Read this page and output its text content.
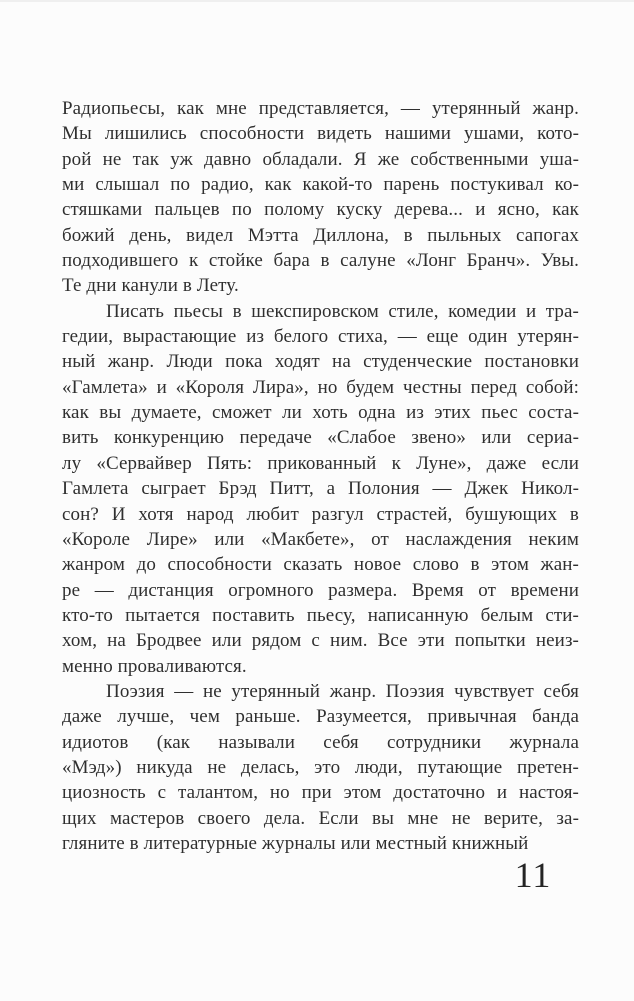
Радиопьесы, как мне представляется, — утерянный жанр.
Мы лишились способности видеть нашими ушами, кото-
рой не так уж давно обладали. Я же собственными уша-
ми слышал по радио, как какой-то парень постукивал ко-
стяшками пальцев по полому куску дерева... и ясно, как
божий день, видел Мэтта Диллона, в пыльных сапогах
подходившего к стойке бара в салуне «Лонг Бранч». Увы.
Те дни канули в Лету.
Писать пьесы в шекспировском стиле, комедии и тра-
гедии, вырастающие из белого стиха, — еще один утерян-
ный жанр. Люди пока ходят на студенческие постановки
«Гамлета» и «Короля Лира», но будем честны перед собой:
как вы думаете, сможет ли хоть одна из этих пьес соста-
вить конкуренцию передаче «Слабое звено» или сериа-
лу «Сервайвер Пять: прикованный к Луне», даже если
Гамлета сыграет Брэд Питт, а Полония — Джек Никол-
сон? И хотя народ любит разгул страстей, бушующих в
«Короле Лире» или «Макбете», от наслаждения неким
жанром до способности сказать новое слово в этом жан-
ре — дистанция огромного размера. Время от времени
кто-то пытается поставить пьесу, написанную белым сти-
хом, на Бродвее или рядом с ним. Все эти попытки неиз-
менно проваливаются.
Поэзия — не утерянный жанр. Поэзия чувствует себя
даже лучше, чем раньше. Разумеется, привычная банда
идиотов (как называли себя сотрудники журнала
«Мэд») никуда не делась, это люди, путающие претен-
циозность с талантом, но при этом достаточно и настоя-
щих мастеров своего дела. Если вы мне не верите, за-
гляните в литературные журналы или местный книжный
11
